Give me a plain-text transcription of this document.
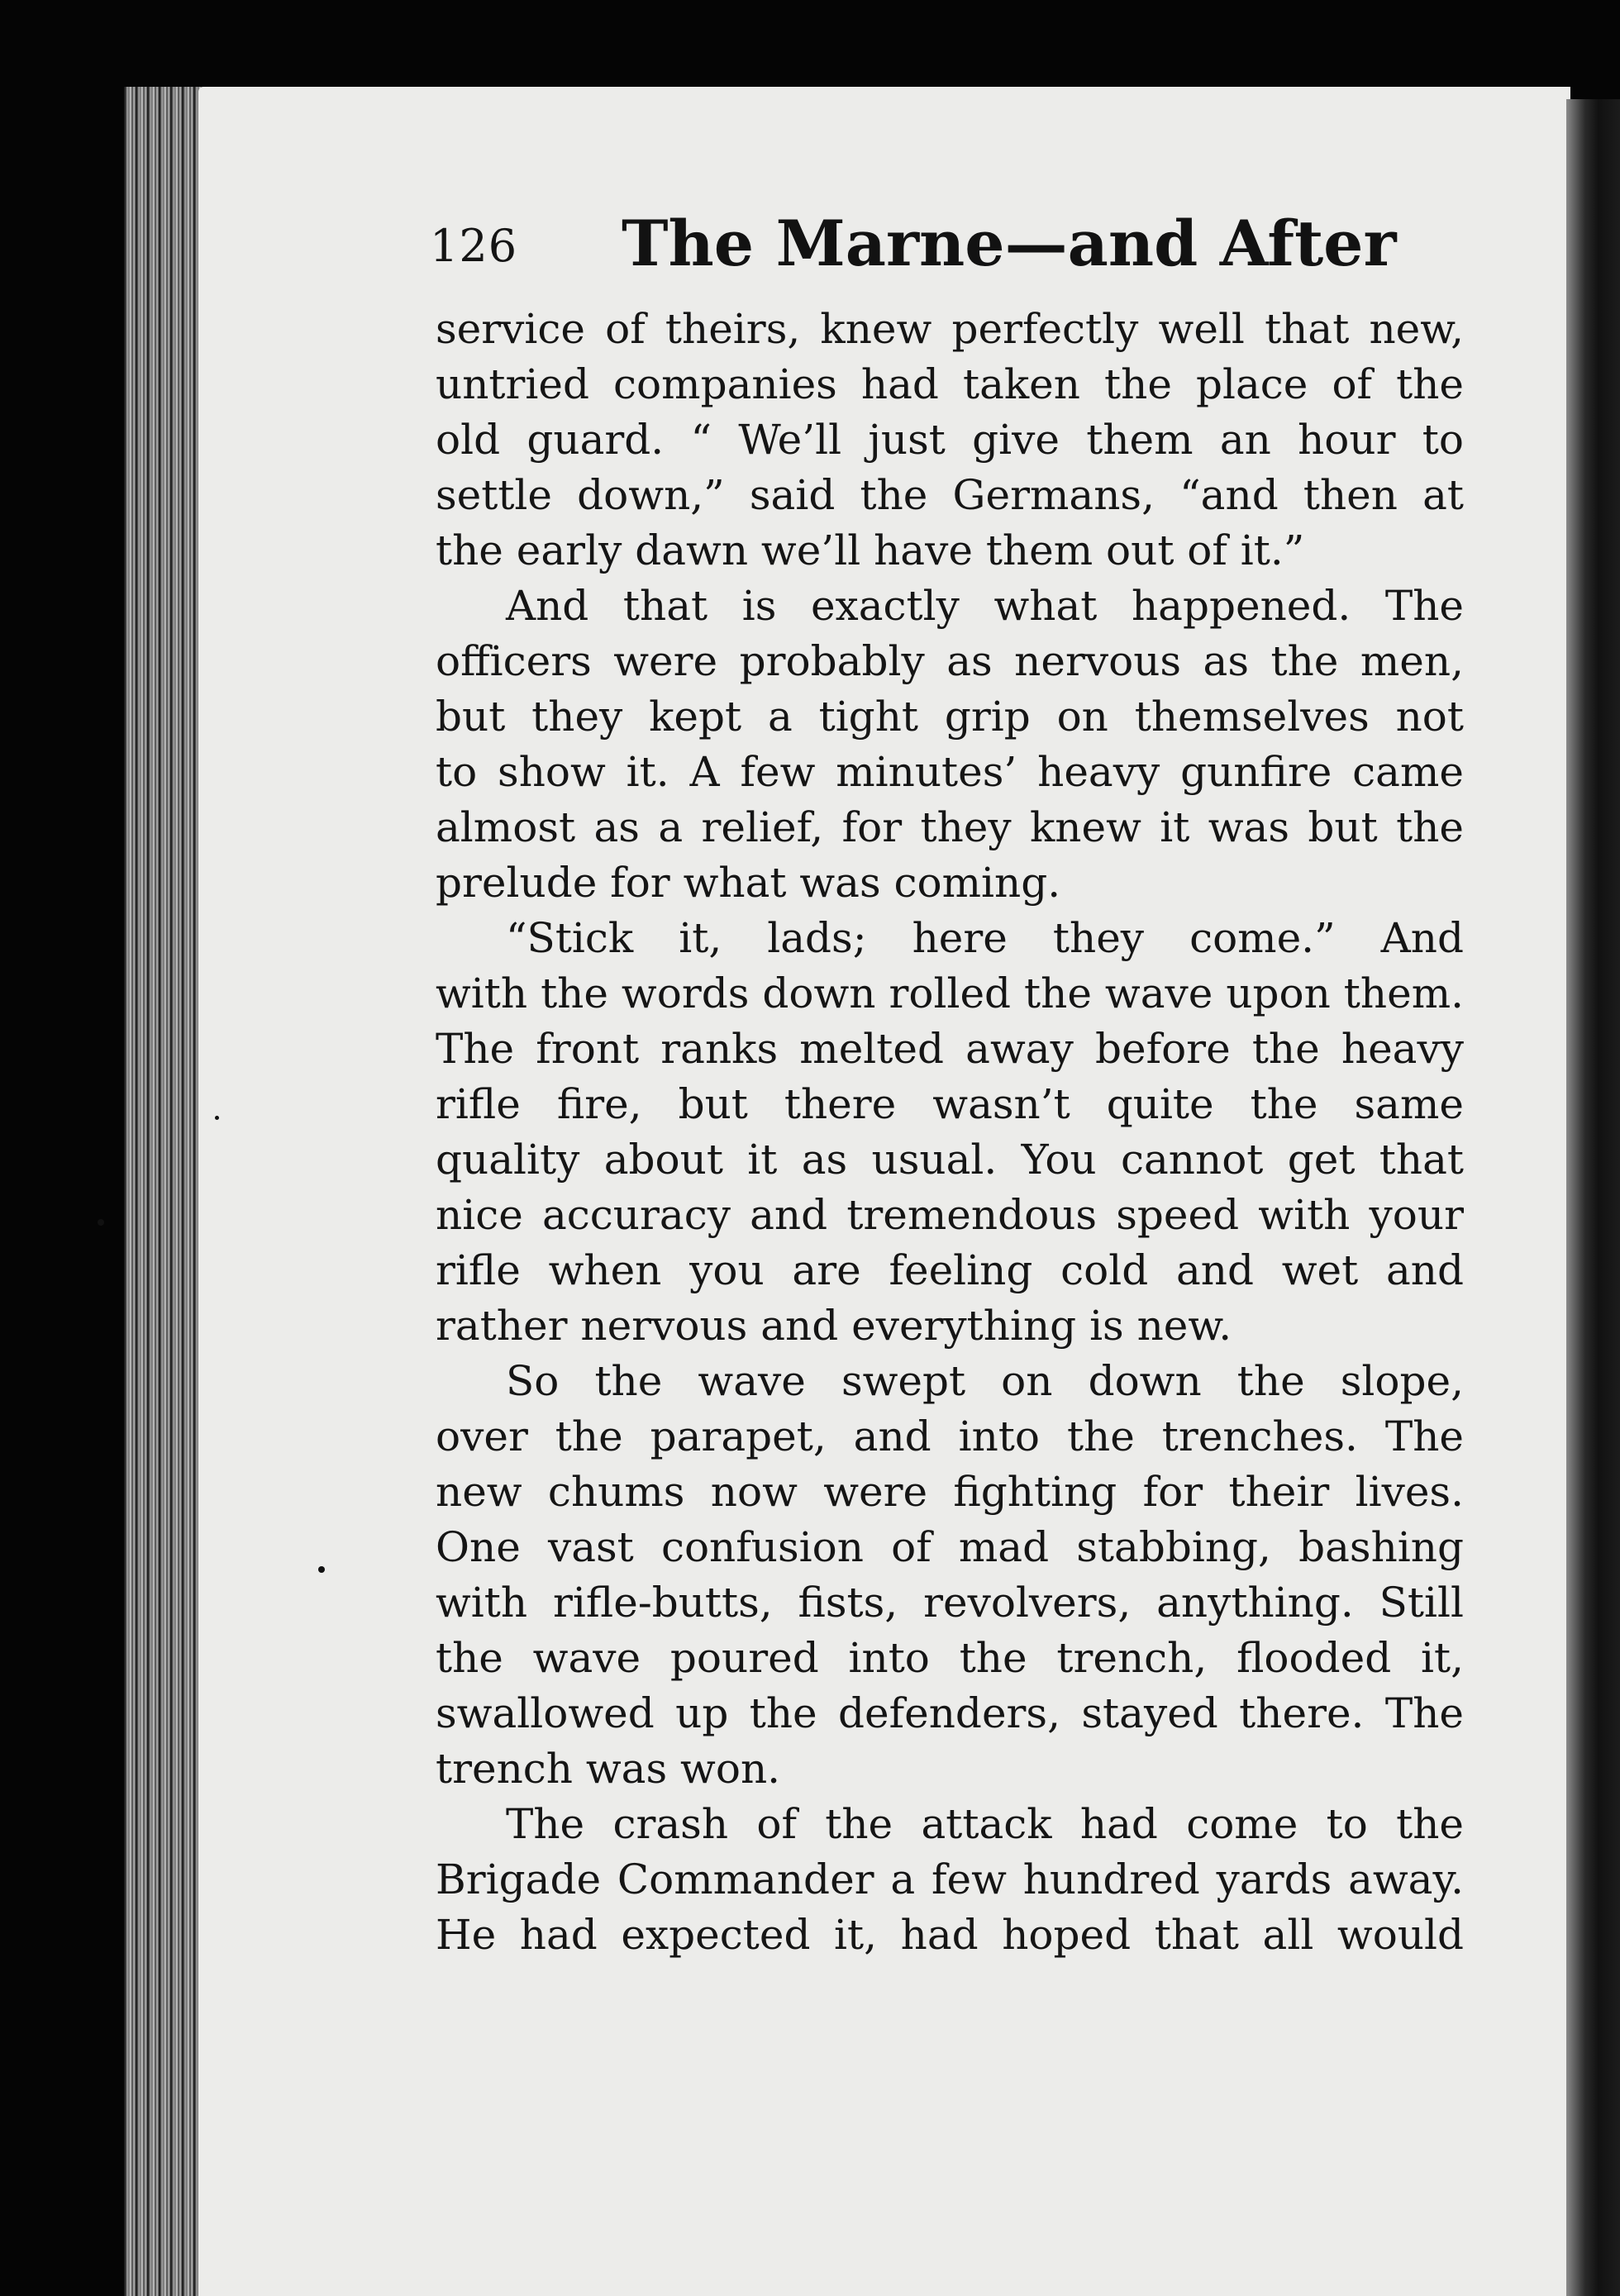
126 The Marne—and After
service of theirs, knew perfectly well that new,
untried companies had taken the place of the
old guard. “ We’ll just give them an hour to
settle down,” said the Germans, “and then at
the early dawn we’ll have them out of it.”
And that is exactly what happened. The
officers were probably as nervous as the men,
but they kept a tight grip on themselves not
to show it. A few minutes’ heavy gunfire came
almost as a relief, for they knew it was but the
prelude for what was coming.
“Stick it, lads; here they come.” And
with the words down rolled the wave upon them.
The front ranks melted away before the heavy
rifle fire, but there wasn’t quite the same
quality about it as usual. You cannot get that
nice accuracy and tremendous speed with your
rifle when you are feeling cold and wet and
rather nervous and everything is new.
So the wave swept on down the slope,
over the parapet, and into the trenches. The
new chums now were fighting for their lives.
One vast confusion of mad stabbing, bashing
with rifle-butts, fists, revolvers, anything. Still
the wave poured into the trench, flooded it,
swallowed up the defenders, stayed there. The
trench was won.
The crash of the attack had come to the
Brigade Commander a few hundred yards away.
He had expected it, had hoped that all would
